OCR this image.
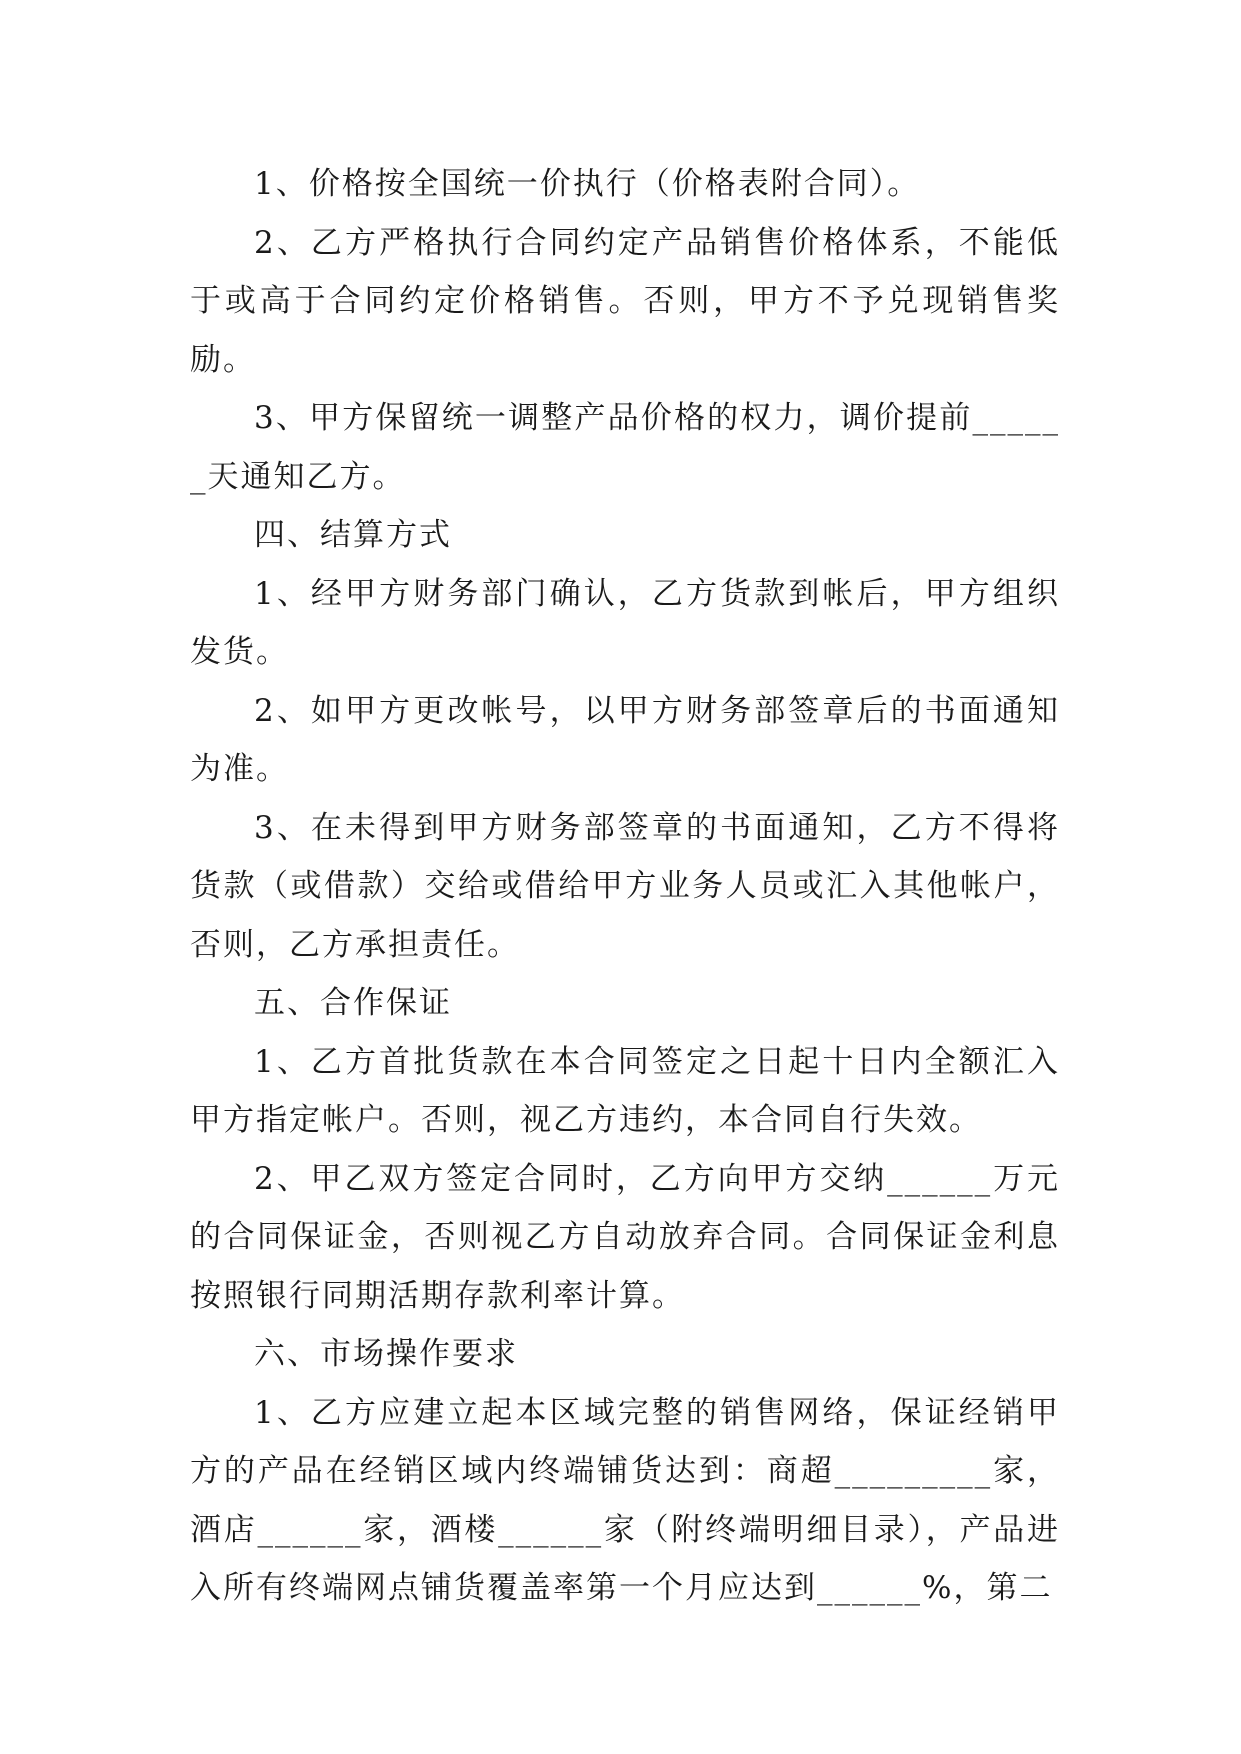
1、价格按全国统一价执行（价格表附合同）。

2、乙方严格执行合同约定产品销售价格体系，不能低于或高于合同约定价格销售。否则，甲方不予兑现销售奖励。

3、甲方保留统一调整产品价格的权力，调价提前______天通知乙方。

四、结算方式

1、经甲方财务部门确认，乙方货款到帐后，甲方组织发货。

2、如甲方更改帐号，以甲方财务部签章后的书面通知为准。

3、在未得到甲方财务部签章的书面通知，乙方不得将货款（或借款）交给或借给甲方业务人员或汇入其他帐户，否则，乙方承担责任。

五、合作保证

1、乙方首批货款在本合同签定之日起十日内全额汇入甲方指定帐户。否则，视乙方违约，本合同自行失效。

2、甲乙双方签定合同时，乙方向甲方交纳______万元的合同保证金，否则视乙方自动放弃合同。合同保证金利息按照银行同期活期存款利率计算。

六、市场操作要求

1、乙方应建立起本区域完整的销售网络，保证经销甲方的产品在经销区域内终端铺货达到：商超_________家，酒店______家，酒楼______家（附终端明细目录），产品进入所有终端网点铺货覆盖率第一个月应达到______%，第二
